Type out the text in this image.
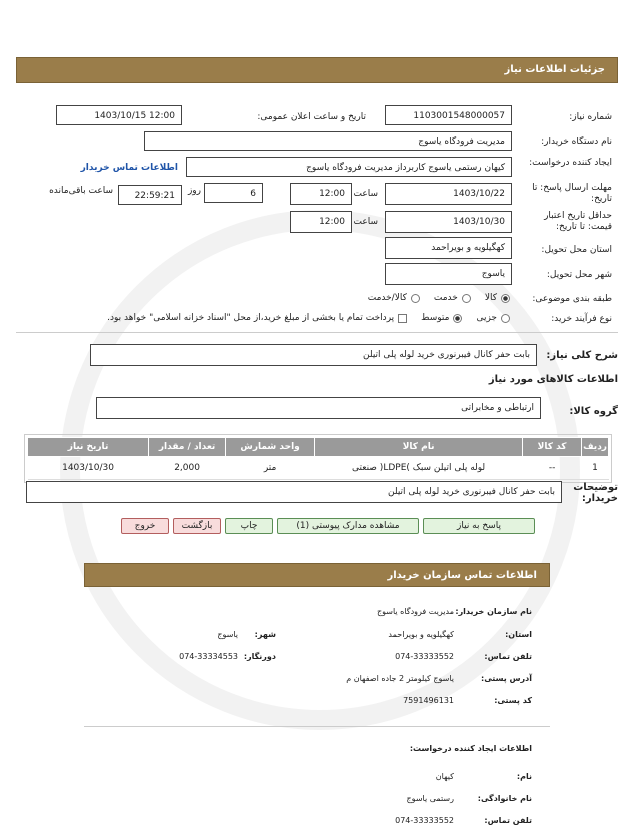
جزئیات اطلاعات نیاز
شماره نیاز:
1103001548000057
تاریخ و ساعت اعلان عمومی:
1403/10/15 12:00
نام دستگاه خریدار:
مدیریت فرودگاه یاسوج
ایجاد کننده درخواست:
کیهان رستمی یاسوج کاربرداز مدیریت فرودگاه یاسوج
اطلاعات تماس خریدار
مهلت ارسال پاسخ: تا تاریخ:
1403/10/22
ساعت
12:00
6
روز
22:59:21
ساعت باقی‌مانده
حداقل تاریخ اعتبار قیمت: تا تاریخ:
1403/10/30
ساعت
12:00
استان محل تحویل:
کهگیلویه و بویراحمد
شهر محل تحویل:
یاسوج
طبقه بندی موضوعی:
کالا
خدمت
کالا/خدمت
نوع فرآیند خرید:
جزیی
متوسط
پرداخت تمام یا بخشی از مبلغ خرید،از محل "اسناد خزانه اسلامی" خواهد بود.
شرح کلی نیاز:
بابت حفر کانال فیبرنوری خرید لوله پلی اتیلن
اطلاعات کالاهای مورد نیاز
گروه کالا:
ارتباطی و مخابراتی
ردیف	کد کالا	نام کالا	واحد شمارش	تعداد / مقدار	تاریخ نیاز
1	--	لوله پلی اتیلن سبک )LDPE( صنعتی	متر	2,000	1403/10/30
توضیحات خریدار:
بابت حفر کانال فیبرنوری خرید لوله پلی اتیلن
پاسخ به نیاز
مشاهده مدارک پیوستی (1)
چاپ
بازگشت
خروج
اطلاعات تماس سازمان خریدار
نام سازمان خریدار:
مدیریت فرودگاه یاسوج
استان:
کهگیلویه و بویراحمد
شهر:
یاسوج
تلفن تماس:
074-33333552
دورنگار:
074-33334553
آدرس پستی:
یاسوج کیلومتر 2 جاده اصفهان م
کد پستی:
7591496131
اطلاعات ایجاد کننده درخواست:
نام:
کیهان
نام خانوادگی:
رستمی یاسوج
تلفن تماس:
074-33333552
